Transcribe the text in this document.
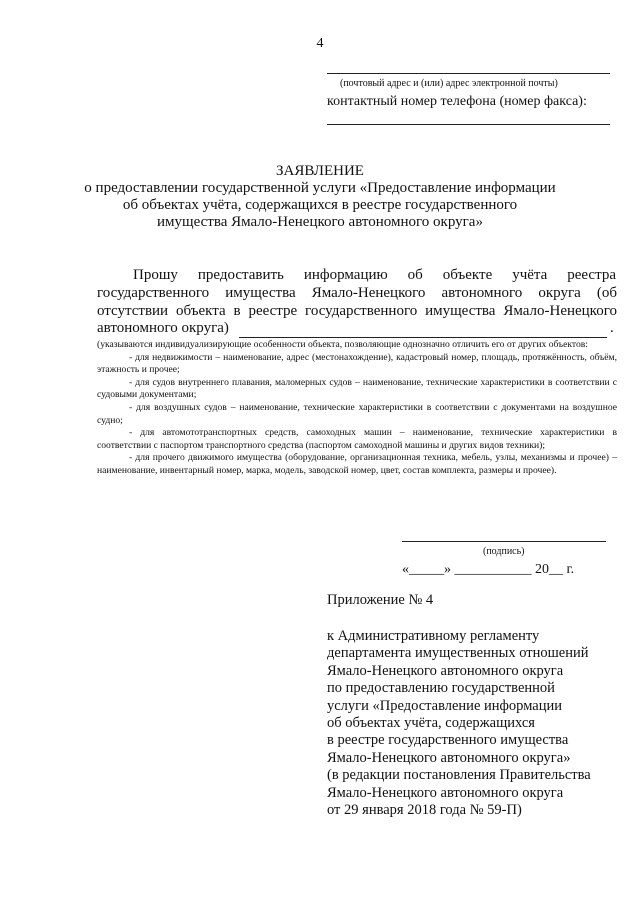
4
(почтовый адрес и (или) адрес электронной почты)
контактный номер телефона (номер факса):
ЗАЯВЛЕНИЕ
о предоставлении государственной услуги «Предоставление информации
об объектах учёта, содержащихся в реестре государственного
имущества Ямало-Ненецкого автономного округа»
Прошу предоставить информацию об объекте учёта реестра
государственного имущества Ямало-Ненецкого автономного округа (об
отсутствии объекта в реестре государственного имущества Ямало-Ненецкого
автономного округа)	.

(указываются индивидуализирующие особенности объекта, позволяющие однозначно отличить его от других объектов:

- для недвижимости – наименование, адрес (местонахождение), кадастровый номер, площадь, протяжённость, объём, этажность и прочее;

- для судов внутреннего плавания, маломерных судов – наименование, технические характеристики в соответствии с судовыми документами;

- для воздушных судов – наименование, технические характеристики в соответствии с документами на воздушное судно;

- для автомототранспортных средств, самоходных машин – наименование, технические характеристики в соответствии с паспортом транспортного средства (паспортом самоходной машины и других видов техники);

- для прочего движимого имущества (оборудование, организационная техника, мебель, узлы, механизмы и прочее) – наименование, инвентарный номер, марка, модель, заводской номер, цвет, состав комплекта, размеры и прочее).

(подпись)
«_____» ___________ 20__ г.
Приложение № 4

к Административному регламенту

департамента имущественных отношений

Ямало-Ненецкого автономного округа

по предоставлению государственной

услуги «Предоставление информации

об объектах учёта, содержащихся

в реестре государственного имущества

Ямало-Ненецкого автономного округа»

(в редакции постановления Правительства

Ямало-Ненецкого автономного округа

от 29 января 2018 года № 59-П)
